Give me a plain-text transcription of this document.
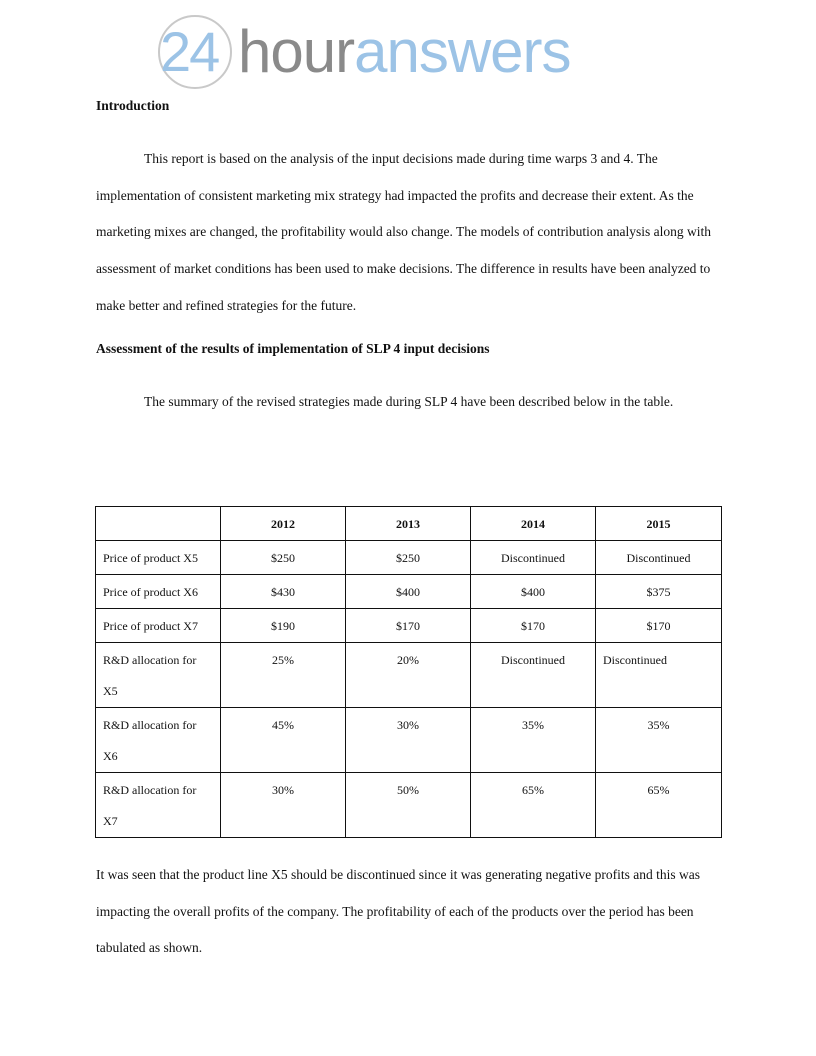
24 houranswers
Introduction

This report is based on the analysis of the input decisions made during time warps 3 and 4. The implementation of consistent marketing mix strategy had impacted the profits and decrease their extent. As the marketing mixes are changed, the profitability would also change. The models of contribution analysis along with assessment of market conditions has been used to make decisions. The difference in results have been analyzed to make better and refined strategies for the future.

Assessment of the results of implementation of SLP 4 input decisions

The summary of the revised strategies made during SLP 4 have been described below in the table.

	2012	2013	2014	2015
Price of product X5	$250	$250	Discontinued	Discontinued
Price of product X6	$430	$400	$400	$375
Price of product X7	$190	$170	$170	$170
R&D allocation for X5	25%	20%	Discontinued	Discontinued
R&D allocation for X6	45%	30%	35%	35%
R&D allocation for X7	30%	50%	65%	65%

It was seen that the product line X5 should be discontinued since it was generating negative profits and this was impacting the overall profits of the company. The profitability of each of the products over the period has been tabulated as shown.
